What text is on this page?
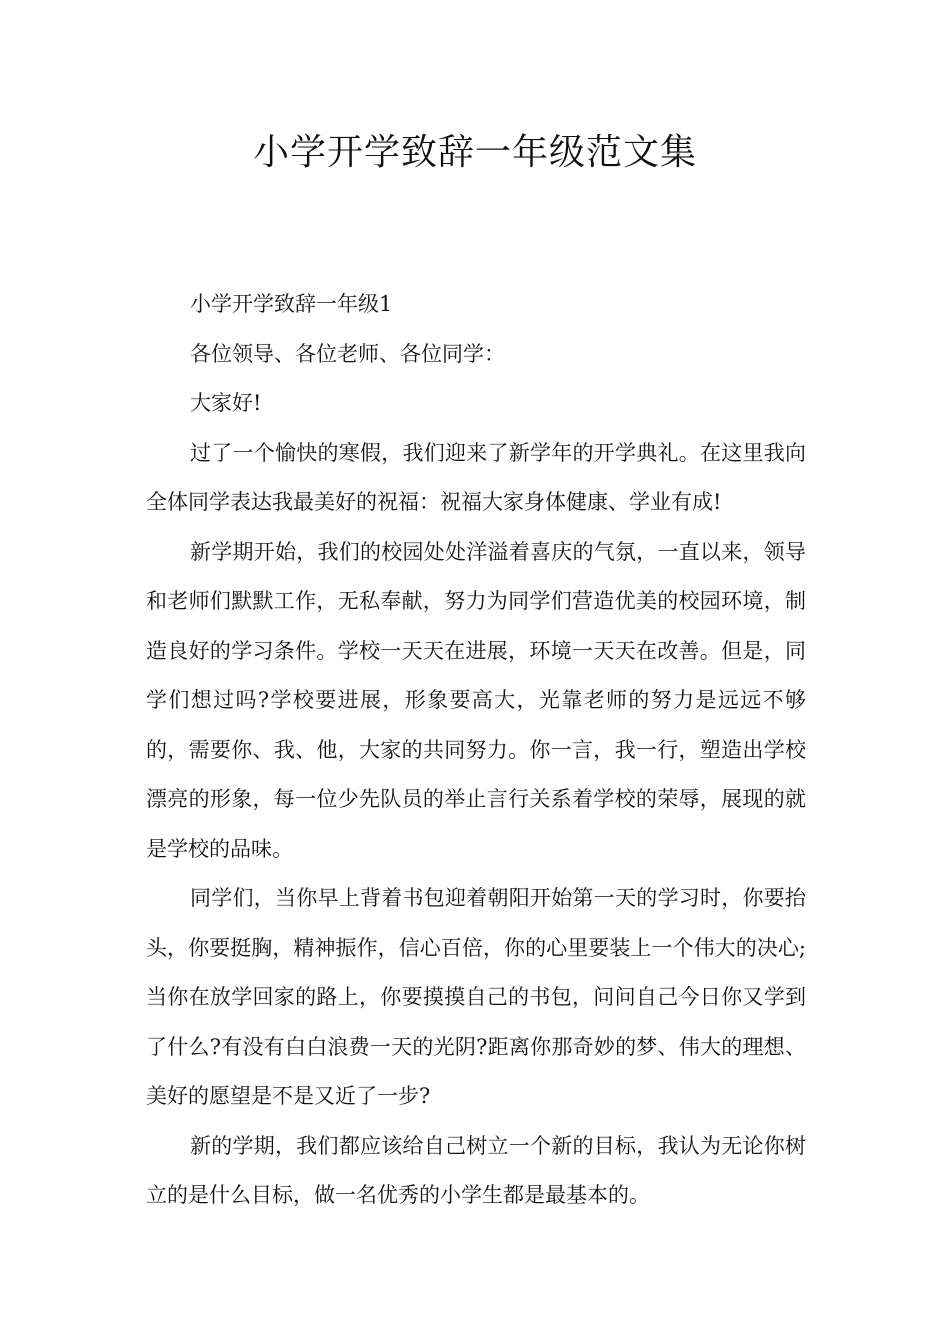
小学开学致辞一年级范文集

小学开学致辞一年级1

各位领导、各位老师、各位同学：

大家好!

过了一个愉快的寒假，我们迎来了新学年的开学典礼。在这里我向全体同学表达我最美好的祝福：祝福大家身体健康、学业有成!

新学期开始，我们的校园处处洋溢着喜庆的气氛，一直以来，领导和老师们默默工作，无私奉献，努力为同学们营造优美的校园环境，制造良好的学习条件。学校一天天在进展，环境一天天在改善。但是，同学们想过吗?学校要进展，形象要高大，光靠老师的努力是远远不够的，需要你、我、他，大家的共同努力。你一言，我一行，塑造出学校漂亮的形象，每一位少先队员的举止言行关系着学校的荣辱，展现的就是学校的品味。

同学们，当你早上背着书包迎着朝阳开始第一天的学习时，你要抬头，你要挺胸，精神振作，信心百倍，你的心里要装上一个伟大的决心;当你在放学回家的路上，你要摸摸自己的书包，问问自己今日你又学到了什么?有没有白白浪费一天的光阴?距离你那奇妙的梦、伟大的理想、美好的愿望是不是又近了一步?

新的学期，我们都应该给自己树立一个新的目标，我认为无论你树立的是什么目标，做一名优秀的小学生都是最基本的。
